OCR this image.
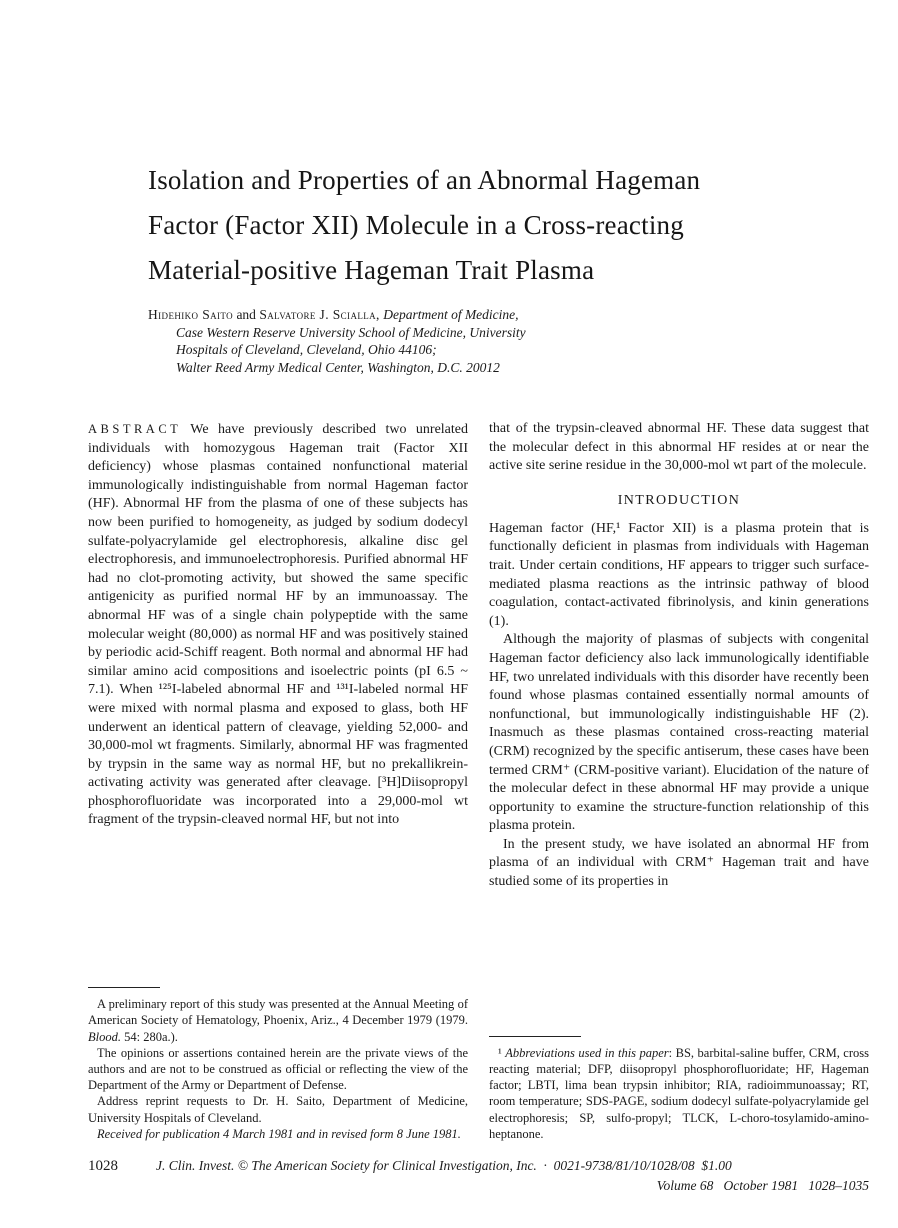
Isolation and Properties of an Abnormal Hageman
Factor (Factor XII) Molecule in a Cross-reacting
Material-positive Hageman Trait Plasma
Hidehiko Saito and Salvatore J. Scialla, Department of Medicine,
Case Western Reserve University School of Medicine, University
Hospitals of Cleveland, Cleveland, Ohio 44106;
Walter Reed Army Medical Center, Washington, D.C. 20012

ABSTRACT We have previously described two unrelated individuals with homozygous Hageman trait (Factor XII deficiency) whose plasmas contained nonfunctional material immunologically indistinguishable from normal Hageman factor (HF). Abnormal HF from the plasma of one of these subjects has now been purified to homogeneity, as judged by sodium dodecyl sulfate-polyacrylamide gel electrophoresis, alkaline disc gel electrophoresis, and immunoelectrophoresis. Purified abnormal HF had no clot-promoting activity, but showed the same specific antigenicity as purified normal HF by an immunoassay. The abnormal HF was of a single chain polypeptide with the same molecular weight (80,000) as normal HF and was positively stained by periodic acid-Schiff reagent. Both normal and abnormal HF had similar amino acid compositions and isoelectric points (pI 6.5 ~ 7.1). When ¹²⁵I-labeled abnormal HF and ¹³¹I-labeled normal HF were mixed with normal plasma and exposed to glass, both HF underwent an identical pattern of cleavage, yielding 52,000- and 30,000-mol wt fragments. Similarly, abnormal HF was fragmented by trypsin in the same way as normal HF, but no prekallikrein-activating activity was generated after cleavage. [³H]Diisopropyl phosphorofluoridate was incorporated into a 29,000-mol wt fragment of the trypsin-cleaved normal HF, but not into

A preliminary report of this study was presented at the Annual Meeting of American Society of Hematology, Phoenix, Ariz., 4 December 1979 (1979. Blood. 54: 280a.).

The opinions or assertions contained herein are the private views of the authors and are not to be construed as official or reflecting the view of the Department of the Army or Department of Defense.

Address reprint requests to Dr. H. Saito, Department of Medicine, University Hospitals of Cleveland.

Received for publication 4 March 1981 and in revised form 8 June 1981.

that of the trypsin-cleaved abnormal HF. These data suggest that the molecular defect in this abnormal HF resides at or near the active site serine residue in the 30,000-mol wt part of the molecule.

INTRODUCTION

Hageman factor (HF,¹ Factor XII) is a plasma protein that is functionally deficient in plasmas from individuals with Hageman trait. Under certain conditions, HF appears to trigger such surface-mediated plasma reactions as the intrinsic pathway of blood coagulation, contact-activated fibrinolysis, and kinin generations (1).

Although the majority of plasmas of subjects with congenital Hageman factor deficiency also lack immunologically identifiable HF, two unrelated individuals with this disorder have recently been found whose plasmas contained essentially normal amounts of nonfunctional, but immunologically indistinguishable HF (2). Inasmuch as these plasmas contained cross-reacting material (CRM) recognized by the specific antiserum, these cases have been termed CRM⁺ (CRM-positive variant). Elucidation of the nature of the molecular defect in these abnormal HF may provide a unique opportunity to examine the structure-function relationship of this plasma protein.

In the present study, we have isolated an abnormal HF from plasma of an individual with CRM⁺ Hageman trait and have studied some of its properties in

¹ Abbreviations used in this paper: BS, barbital-saline buffer, CRM, cross reacting material; DFP, diisopropyl phosphorofluoridate; HF, Hageman factor; LBTI, lima bean trypsin inhibitor; RIA, radioimmunoassay; RT, room temperature; SDS-PAGE, sodium dodecyl sulfate-polyacrylamide gel electrophoresis; SP, sulfo-propyl; TLCK, L-choro-tosylamido-amino-heptanone.

1028	J. Clin. Invest. © The American Society for Clinical Investigation, Inc.  ·  0021-9738/81/10/1028/08  $1.00
Volume 68   October 1981   1028–1035
